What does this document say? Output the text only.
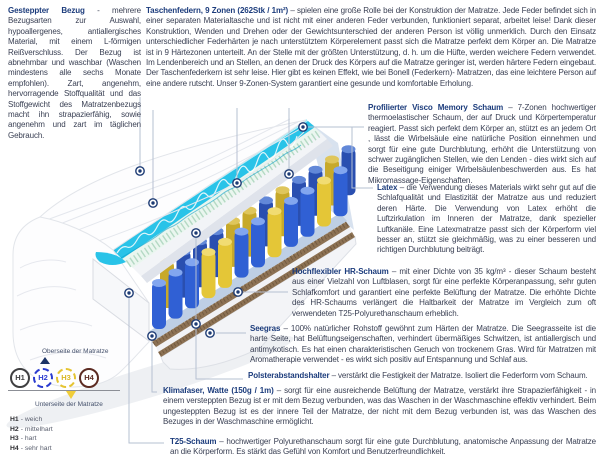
Gesteppter Bezug - mehrere Bezugsarten zur Auswahl, hypoallergenes, antiallergisches Material, mit einem L-förmigen Reißverschluss. Der Bezug ist abnehmbar und waschbar (Waschen mindestens alle sechs Monate empfohlen). Zart, angenehm, hervorragende Stoffqualität und das Stoffgewicht des Matratzenbezugs macht ihn strapazierfähig, sowie angenehm und zart im täglichen Gebrauch.

Taschenfedern, 9 Zonen (262Stk / 1m²) – spielen eine große Rolle bei der Konstruktion der Matratze. Jede Feder befindet sich in einer separaten Materialtasche und ist nicht mit einer anderen Feder verbunden, funktioniert separat, arbeitet leise! Dank dieser Konstruktion, Wenden und Drehen oder der Gewichtsunterschied der anderen Person ist völlig unmerklich. Durch den Einsatz unterschiedlicher Federhärten je nach unterstütztem Körperelement passt sich die Matratze perfekt dem Körper an. Die Matratze ist in 9 Härtezonen unterteilt. An der Stelle mit der größten Unterstützung, d. h. um die Hüfte, werden weichere Federn verwendet. Im Lendenbereich und an Stellen, an denen der Druck des Körpers auf die Matratze geringer ist, werden härtere Federn eingebaut. Der Taschenfederkern ist sehr leise. Hier gibt es keinen Effekt, wie bei Bonell (Federkern)- Matratzen, das eine leichtere Person auf eine andere rutscht. Unser 9-Zonen-System garantiert eine gesunde und komfortable Erholung.

Profilierter Visco Memory Schaum – 7-Zonen hochwertiger thermoelastischer Schaum, der auf Druck und Körpertemperatur reagiert. Passt sich perfekt dem Körper an, stützt es an jedem Ort , lässt die Wirbelsäule eine natürliche Position einnehmen und sorgt für eine gute Durchblutung, erhöht die Unterstützung von schwer zugänglichen Stellen, wie den Lenden - dies wirkt sich auf die Beseitigung einiger Wirbelsäulenbeschwerden aus. Es hat Mikromassage-Eigenschaften.

Latex – die Verwendung dieses Materials wirkt sehr gut auf die Schlafqualität und Elastizität der Matratze aus und reduziert deren Härte. Die Verwendung von Latex erhöht die Luftzirkulation im Inneren der Matratze, dank spezieller Luftkanäle. Eine Latexmatratze passt sich der Körperform viel besser an, stützt sie gleichmäßig, was zu einer besseren und richtigen Durchblutung beiträgt.

Hochflexibler HR-Schaum – mit einer Dichte von 35 kg/m³ - dieser Schaum besteht aus einer Vielzahl von Luftblasen, sorgt für eine perfekte Körperanpassung, sehr guten Schlafkomfort und garantiert eine perfekte Belüftung der Matratze. Die erhöhte Dichte des HR-Schaums verlängert die Haltbarkeit der Matratze im Vergleich zum oft verwendeten T25-Polyurethanschaum erheblich.

Seegras – 100% natürlicher Rohstoff gewöhnt zum Härten der Matratze. Die Seegrasseite ist die harte Seite, hat Belüftungseigenschaften, verhindert übermäßiges Schwitzen, ist antiallergisch und antimykotisch. Es hat einen charakteristischen Geruch von trockenem Gras. Wird für Matratzen mit Aromatherapie verwendet - es wirkt sich positiv auf Entspannung und Schlaf aus.

Polsterabstandshalter – verstärkt die Festigkeit der Matratze. Isoliert die Federform vom Schaum.

Klimafaser, Watte (150g / 1m) – sorgt für eine ausreichende Belüftung der Matratze, verstärkt ihre Strapazierfähigkeit - in einem versteppten Bezug ist er mit dem Bezug verbunden, was das Waschen in der Waschmaschine effektiv verhindert. Beim ungesteppten Bezug ist es der innere Teil der Matratze, der nicht mit dem Bezug verbunden ist, was das Waschen des Bezuges in der Waschmaschine ermöglicht.

T25-Schaum – hochwertiger Polyurethanschaum sorgt für eine gute Durchblutung, anatomische Anpassung der Matratze an die Körperform. Es stärkt das Gefühl von Komfort und Benutzerfreundlichkeit.

Oberseite der Matratze
H1 H2 H3 H4
Unterseite der Matratze
H1 - weich
H2 - mittelhart
H3 - hart
H4 - sehr hart
